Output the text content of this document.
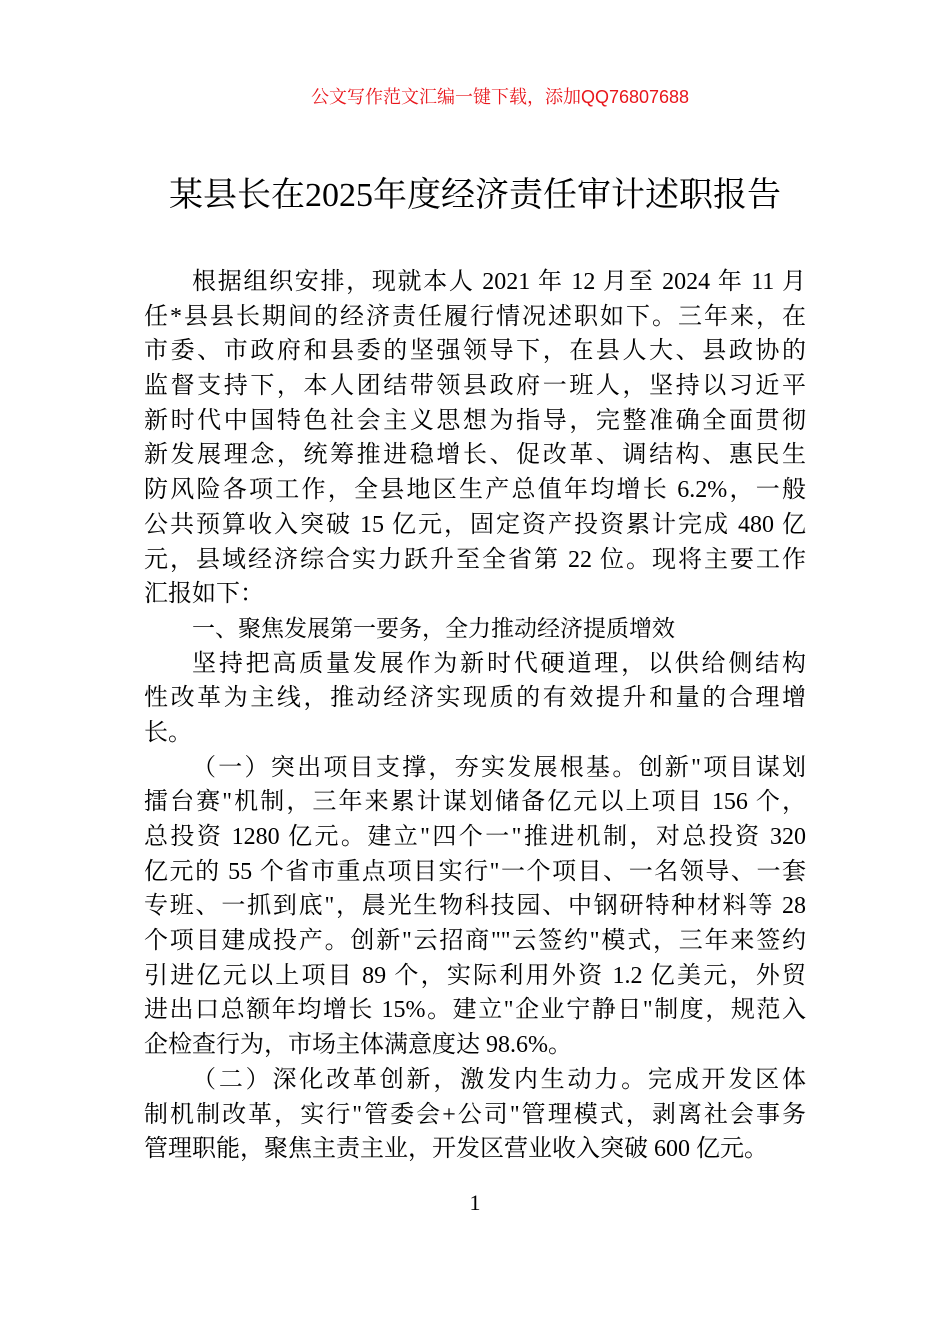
公文写作范文汇编一键下载，添加QQ76807688
某县长在2025年度经济责任审计述职报告
根据组织安排，现就本人 2021 年 12 月至 2024 年 11 月
任*县县长期间的经济责任履行情况述职如下。三年来，在
市委、市政府和县委的坚强领导下，在县人大、县政协的
监督支持下，本人团结带领县政府一班人，坚持以习近平
新时代中国特色社会主义思想为指导，完整准确全面贯彻
新发展理念，统筹推进稳增长、促改革、调结构、惠民生
防风险各项工作，全县地区生产总值年均增长 6.2%，一般
公共预算收入突破 15 亿元，固定资产投资累计完成 480 亿
元，县域经济综合实力跃升至全省第 22 位。现将主要工作
汇报如下：
一、聚焦发展第一要务，全力推动经济提质增效
坚持把高质量发展作为新时代硬道理，以供给侧结构
性改革为主线，推动经济实现质的有效提升和量的合理增
长。
（一）突出项目支撑，夯实发展根基。创新"项目谋划
擂台赛"机制，三年来累计谋划储备亿元以上项目 156 个，
总投资 1280 亿元。建立"四个一"推进机制，对总投资 320
亿元的 55 个省市重点项目实行"一个项目、一名领导、一套
专班、一抓到底"，晨光生物科技园、中钢研特种材料等 28
个项目建成投产。创新"云招商""云签约"模式，三年来签约
引进亿元以上项目 89 个，实际利用外资 1.2 亿美元，外贸
进出口总额年均增长 15%。建立"企业宁静日"制度，规范入
企检查行为，市场主体满意度达 98.6%。
（二）深化改革创新，激发内生动力。完成开发区体
制机制改革，实行"管委会+公司"管理模式，剥离社会事务
管理职能，聚焦主责主业，开发区营业收入突破 600 亿元。
1
